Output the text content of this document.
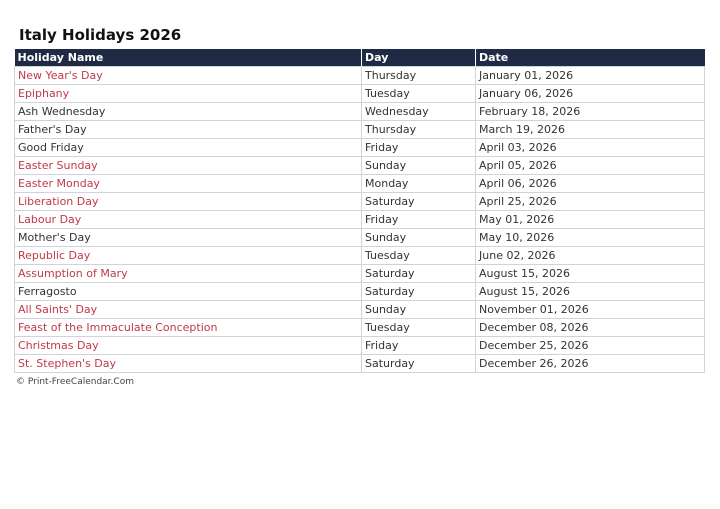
Italy Holidays 2026
Holiday Name	Day	Date
New Year's Day	Thursday	January 01, 2026
Epiphany	Tuesday	January 06, 2026
Ash Wednesday	Wednesday	February 18, 2026
Father's Day	Thursday	March 19, 2026
Good Friday	Friday	April 03, 2026
Easter Sunday	Sunday	April 05, 2026
Easter Monday	Monday	April 06, 2026
Liberation Day	Saturday	April 25, 2026
Labour Day	Friday	May 01, 2026
Mother's Day	Sunday	May 10, 2026
Republic Day	Tuesday	June 02, 2026
Assumption of Mary	Saturday	August 15, 2026
Ferragosto	Saturday	August 15, 2026
All Saints' Day	Sunday	November 01, 2026
Feast of the Immaculate Conception	Tuesday	December 08, 2026
Christmas Day	Friday	December 25, 2026
St. Stephen's Day	Saturday	December 26, 2026
© Print-FreeCalendar.Com
